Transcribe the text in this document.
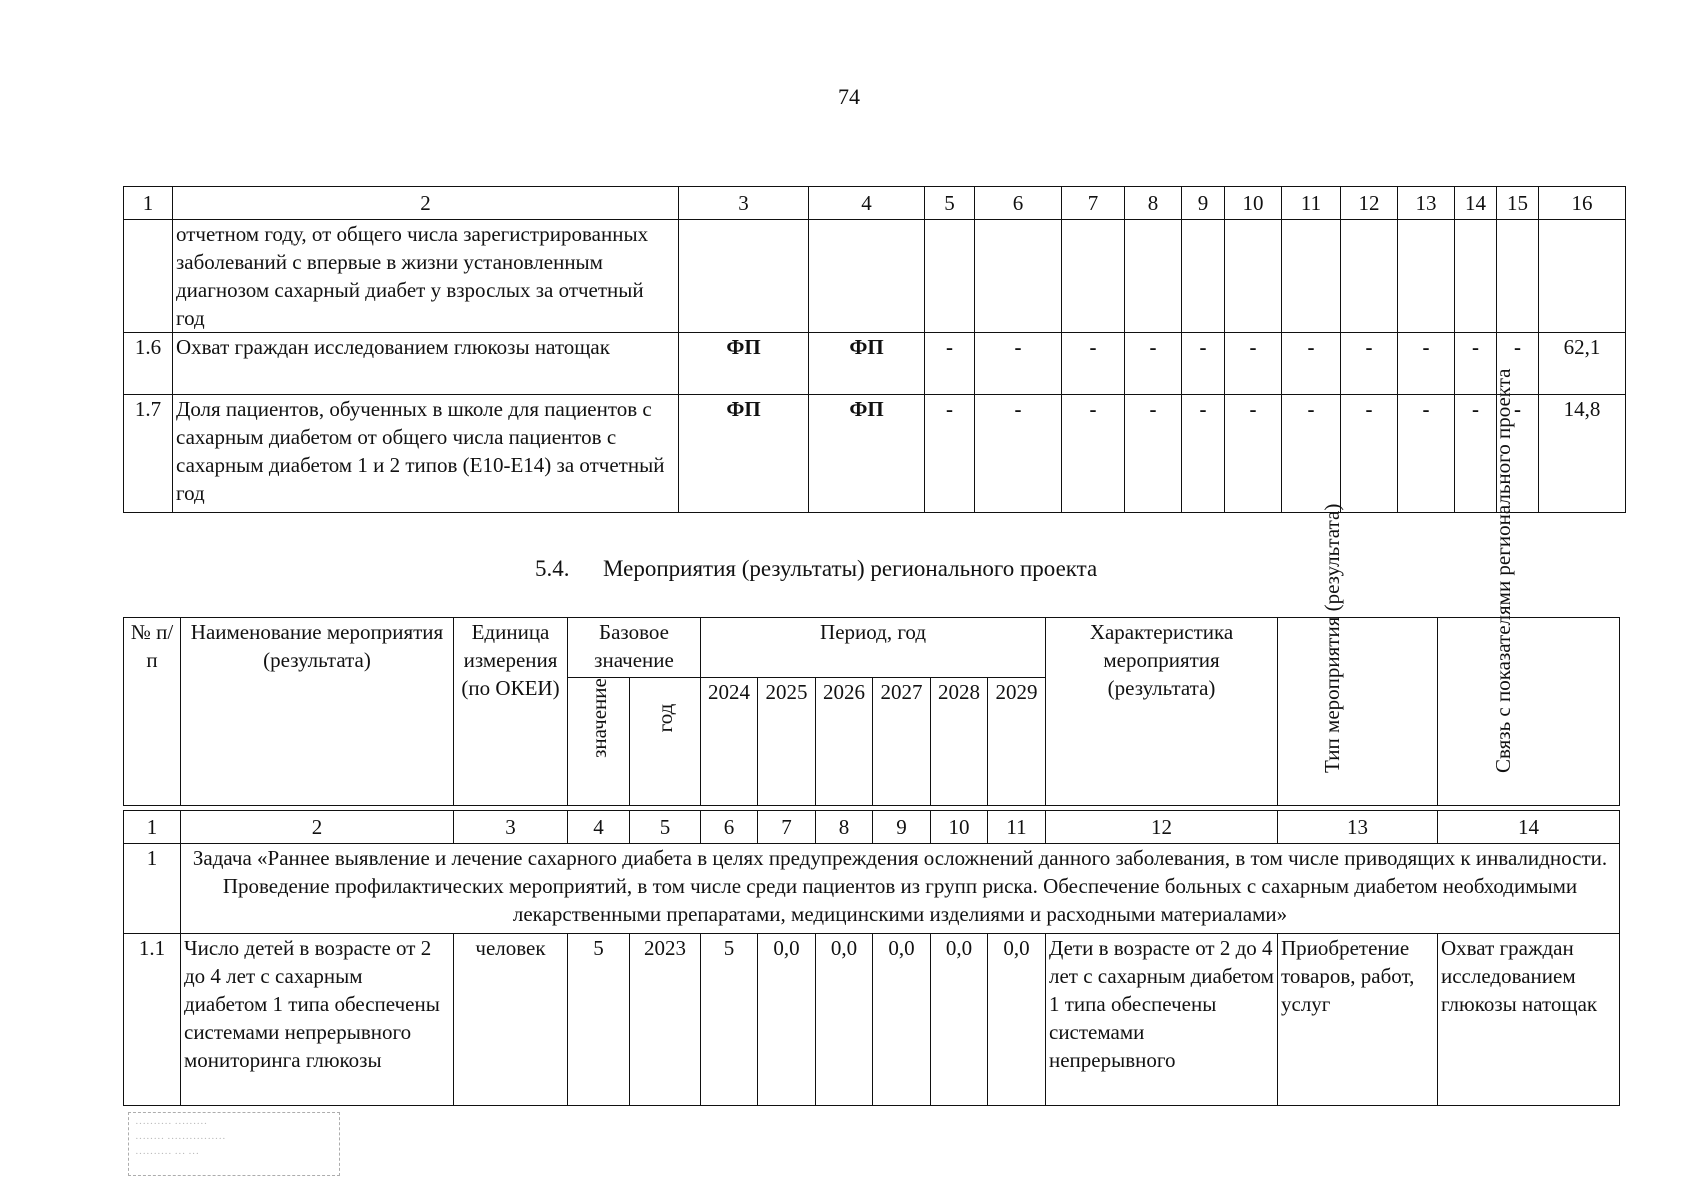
74
1	2	3	4	5	6	7	8	9	10	11	12	13	14	15	16
	отчетном году, от общего числа зарегистрированных заболеваний с впервые в жизни установленным диагнозом сахарный диабет у взрослых за отчетный год														
1.6	Охват граждан исследованием глюкозы натощак	ФП	ФП	-	-	-	-	-	-	-	-	-	-	-	62,1
1.7	Доля пациентов, обученных в школе для пациентов с сахарным диабетом от общего числа пациентов с сахарным диабетом 1 и 2 типов (Е10-Е14) за отчетный год	ФП	ФП	-	-	-	-	-	-	-	-	-	-	-	14,8
5.4. Мероприятия (результаты) регионального проекта
№ п/п	Наименование мероприятия (результата)	Единица измерения (по ОКЕИ)	Базовое значение		Период, год						Характеристика мероприятия (результата)	Тип мероприятия (результата)	Связь с показателями регионального проекта

			значение	год	2024	2025	2026	2027	2028	2029			
1	2	3	4	5	6	7	8	9	10	11	12	13	14
1	Задача «Раннее выявление и лечение сахарного диабета в целях предупреждения осложнений данного заболевания, в том числе приводящих к инвалидности. Проведение профилактических мероприятий, в том числе среди пациентов из групп риска. Обеспечение больных с сахарным диабетом необходимыми лекарственными препаратами, медицинскими изделиями и расходными материалами»												
1.1	Число детей в возрасте от 2 до 4 лет с сахарным диабетом 1 типа обеспечены системами непрерывного мониторинга глюкозы	человек	5	2023	5	0,0	0,0	0,0	0,0	0,0	Дети в возрасте от 2 до 4 лет с сахарным диабетом 1 типа обеспечены системами непрерывного	Приобретение товаров, работ, услуг	Охват граждан исследованием глюкозы натощак
·········· ·········
········ ················
·········· ··· ···
